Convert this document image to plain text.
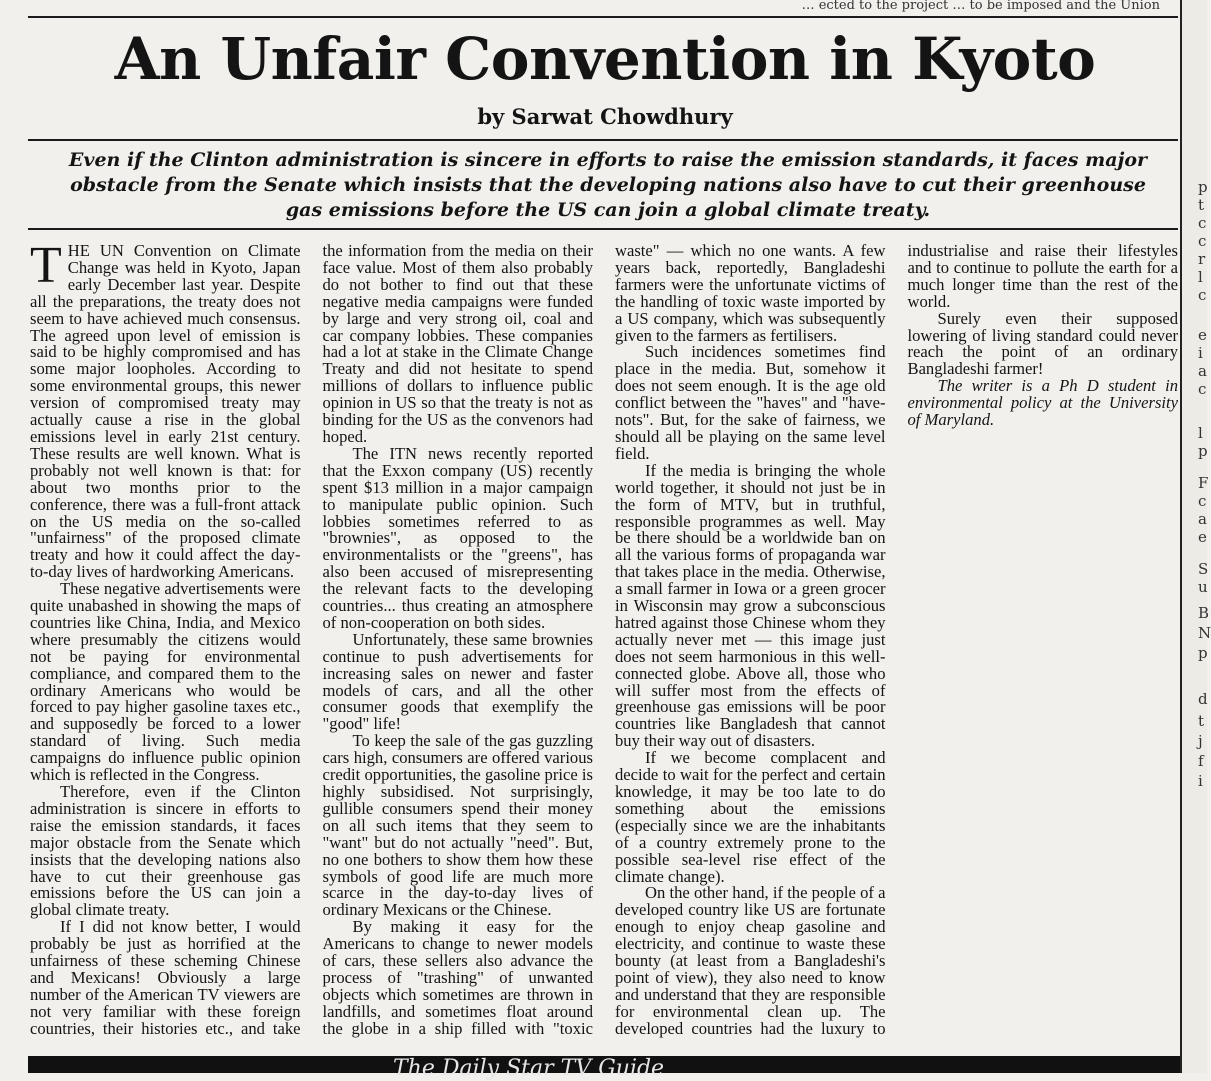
… ected to the project … to be imposed and the Union
p
t
c
c
r
l
c
e
i
a
c
l
p
F
c
a
e
S
u
B
N
p
d
t
j
f
i
An Unfair Convention in Kyoto
by Sarwat Chowdhury
Even if the Clinton administration is sincere in efforts to raise the emission standards, it faces major obstacle from the Senate which insists that the developing nations also have to cut their greenhouse gas emissions before the US can join a global climate treaty.

THE UN Convention on Climate Change was held in Kyoto, Japan early December last year. Despite all the preparations, the treaty does not seem to have achieved much consensus. The agreed upon level of emission is said to be highly compromised and has some major loopholes. According to some environmental groups, this newer version of compromised treaty may actually cause a rise in the global emissions level in early 21st century. These results are well known. What is probably not well known is that: for about two months prior to the conference, there was a full-front attack on the US media on the so-called "unfairness" of the proposed climate treaty and how it could affect the day-to-day lives of hardworking Americans.

These negative advertisements were quite unabashed in showing the maps of countries like China, India, and Mexico where presumably the citizens would not be paying for environmental compliance, and compared them to the ordinary Americans who would be forced to pay higher gasoline taxes etc., and supposedly be forced to a lower standard of living. Such media campaigns do influence public opinion which is reflected in the Congress.

Therefore, even if the Clinton administration is sincere in efforts to raise the emission standards, it faces major obstacle from the Senate which insists that the developing nations also have to cut their greenhouse gas emissions before the US can join a global climate treaty.

If I did not know better, I would probably be just as horrified at the unfairness of these scheming Chinese and Mexicans! Obviously a large number of the American TV viewers are not very familiar with these foreign countries, their histories etc., and take the information from the media on their face value. Most of them also probably do not bother to find out that these negative media campaigns were funded by large and very strong oil, coal and car company lobbies. These companies had a lot at stake in the Climate Change Treaty and did not hesitate to spend millions of dollars to influence public opinion in US so that the treaty is not as binding for the US as the convenors had hoped.

The ITN news recently reported that the Exxon company (US) recently spent $13 million in a major campaign to manipulate public opinion. Such lobbies sometimes referred to as "brownies", as opposed to the environmentalists or the "greens", has also been accused of misrepresenting the relevant facts to the developing countries... thus creating an atmosphere of non-cooperation on both sides.

Unfortunately, these same brownies continue to push advertisements for increasing sales on newer and faster models of cars, and all the other consumer goods that exemplify the "good" life!

To keep the sale of the gas guzzling cars high, consumers are offered various credit opportunities, the gasoline price is highly subsidised. Not surprisingly, gullible consumers spend their money on all such items that they seem to "want" but do not actually "need". But, no one bothers to show them how these symbols of good life are much more scarce in the day-to-day lives of ordinary Mexicans or the Chinese.

By making it easy for the Americans to change to newer models of cars, these sellers also advance the process of "trashing" of unwanted objects which sometimes are thrown in landfills, and sometimes float around the globe in a ship filled with "toxic waste" — which no one wants. A few years back, reportedly, Bangladeshi farmers were the unfortunate victims of the handling of toxic waste imported by a US company, which was subsequently given to the farmers as fertilisers.

Such incidences sometimes find place in the media. But, somehow it does not seem enough. It is the age old conflict between the "haves" and "have-nots". But, for the sake of fairness, we should all be playing on the same level field.

If the media is bringing the whole world together, it should not just be in the form of MTV, but in truthful, responsible programmes as well. May be there should be a worldwide ban on all the various forms of propaganda war that takes place in the media. Otherwise, a small farmer in Iowa or a green grocer in Wisconsin may grow a subconscious hatred against those Chinese whom they actually never met — this image just does not seem harmonious in this well-connected globe. Above all, those who will suffer most from the effects of greenhouse gas emissions will be poor countries like Bangladesh that cannot buy their way out of disasters.

If we become complacent and decide to wait for the perfect and certain knowledge, it may be too late to do something about the emissions (especially since we are the inhabitants of a country extremely prone to the possible sea-level rise effect of the climate change).

On the other hand, if the people of a developed country like US are fortunate enough to enjoy cheap gasoline and electricity, and continue to waste these bounty (at least from a Bangladeshi's point of view), they also need to know and understand that they are responsible for environmental clean up. The developed countries had the luxury to industrialise and raise their lifestyles and to continue to pollute the earth for a much longer time than the rest of the world.

Surely even their supposed lowering of living standard could never reach the point of an ordinary Bangladeshi farmer!

The writer is a Ph D student in environmental policy at the University of Maryland.

The Daily Star TV Guide
